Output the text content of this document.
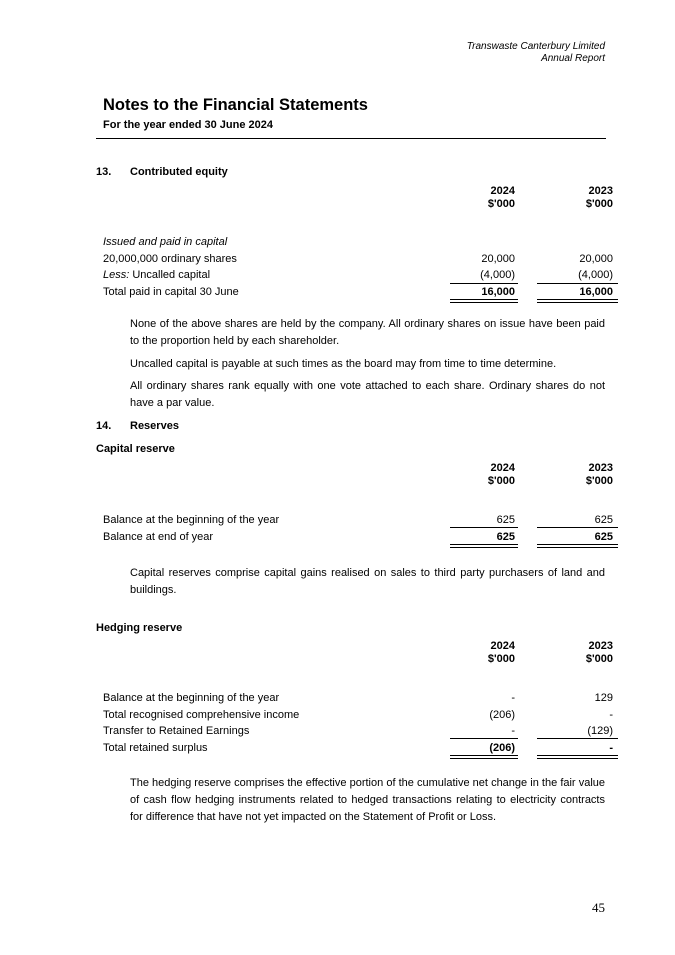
Transwaste Canterbury Limited
Annual Report
Notes to the Financial Statements
For the year ended 30 June 2024
13. Contributed equity
2024
$'000
2023
$'000
Issued and paid in capital
20,000,000 ordinary shares	20,000	20,000
Less: Uncalled capital	(4,000)	(4,000)
Total paid in capital 30 June	16,000	16,000
None of the above shares are held by the company. All ordinary shares on issue have been paid to the proportion held by each shareholder.
Uncalled capital is payable at such times as the board may from time to time determine.
All ordinary shares rank equally with one vote attached to each share. Ordinary shares do not have a par value.
14. Reserves
Capital reserve
2024
$'000
2023
$'000
Balance at the beginning of the year	625	625
Balance at end of year	625	625
Capital reserves comprise capital gains realised on sales to third party purchasers of land and buildings.
Hedging reserve
2024
$'000
2023
$'000
Balance at the beginning of the year	-	129
Total recognised comprehensive income	(206)	-
Transfer to Retained Earnings	-	(129)
Total retained surplus	(206)	-
The hedging reserve comprises the effective portion of the cumulative net change in the fair value of cash flow hedging instruments related to hedged transactions relating to electricity contracts for difference that have not yet impacted on the Statement of Profit or Loss.
45
